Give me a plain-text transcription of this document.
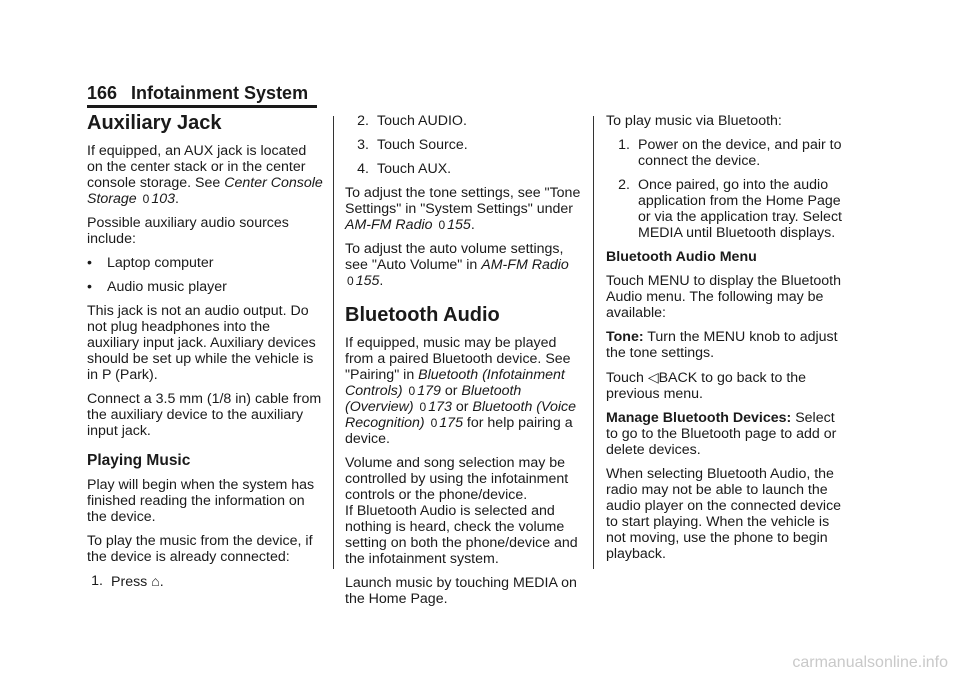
166 Infotainment System
Auxiliary Jack

If equipped, an AUX jack is located on the center stack or in the center console storage. See Center Console Storage 0 103.

Possible auxiliary audio sources include:

•	Laptop computer
•	Audio music player

This jack is not an audio output. Do not plug headphones into the auxiliary input jack. Auxiliary devices should be set up while the vehicle is in P (Park).

Connect a 3.5 mm (1/8 in) cable from the auxiliary device to the auxiliary input jack.

Playing Music

Play will begin when the system has finished reading the information on the device.

To play the music from the device, if the device is already connected:

1. Press ⌂.
2. Touch AUDIO.
3. Touch Source.
4. Touch AUX.

To adjust the tone settings, see "Tone Settings" in "System Settings" under AM-FM Radio 0 155.

To adjust the auto volume settings, see "Auto Volume" in AM-FM Radio 0 155.

Bluetooth Audio

If equipped, music may be played from a paired Bluetooth device. See "Pairing" in Bluetooth (Infotainment Controls) 0 179 or Bluetooth (Overview) 0 173 or Bluetooth (Voice Recognition) 0 175 for help pairing a device.

Volume and song selection may be controlled by using the infotainment controls or the phone/device.

If Bluetooth Audio is selected and nothing is heard, check the volume setting on both the phone/device and the infotainment system.

Launch music by touching MEDIA on the Home Page.

To play music via Bluetooth:

1. Power on the device, and pair to connect the device.
2. Once paired, go into the audio application from the Home Page or via the application tray. Select MEDIA until Bluetooth displays.
Bluetooth Audio Menu

Touch MENU to display the Bluetooth Audio menu. The following may be available:

Tone: Turn the MENU knob to adjust the tone settings.

Touch ◁BACK to go back to the previous menu.

Manage Bluetooth Devices: Select to go to the Bluetooth page to add or delete devices.

When selecting Bluetooth Audio, the radio may not be able to launch the audio player on the connected device to start playing. When the vehicle is not moving, use the phone to begin playback.

carmanualsonline.info
